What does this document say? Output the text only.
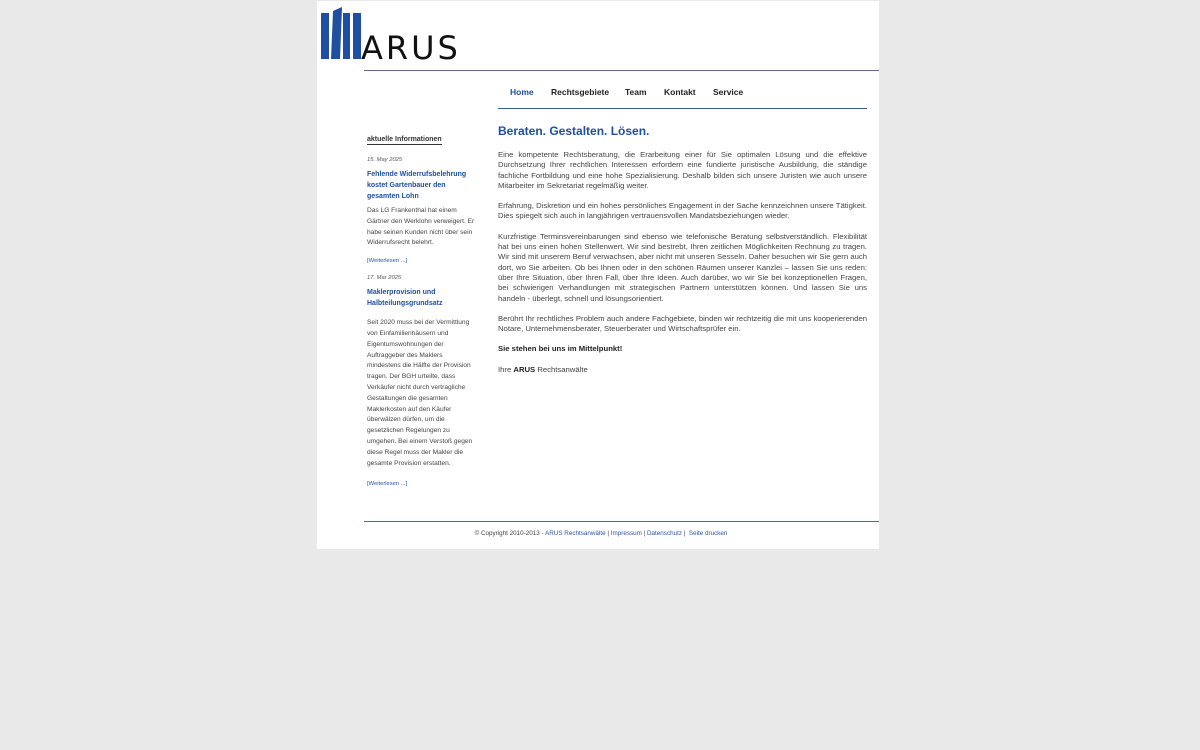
ARUS
Home Rechtsgebiete Team Kontakt Service
aktuelle Informationen
15. May 2025
Fehlende Widerrufsbelehrung kostet Gartenbauer den gesamten Lohn
Das LG Frankenthal hat einem Gärtner den Werklohn verweigert. Er habe seinen Kunden nicht über sein Widerrufsrecht belehrt.
[Weiterlesen ...]
17. Mar 2025
Maklerprovision und Halbteilungsgrundsatz
Seit 2020 muss bei der Vermittlung von Einfamilienhäusern und Eigentumswohnungen der Auftraggeber des Maklers mindestens die Hälfte der Provision tragen. Der BGH urteilte, dass Verkäufer nicht durch vertragliche Gestaltungen die gesamten Maklerkosten auf den Käufer überwälzen dürfen, um die gesetzlichen Regelungen zu umgehen. Bei einem Verstoß gegen diese Regel muss der Makler die gesamte Provision erstatten.
[Weiterlesen ...]
Beraten. Gestalten. Lösen.

Eine kompetente Rechtsberatung, die Erarbeitung einer für Sie optimalen Lösung und die effektive Durchsetzung Ihrer rechtlichen Interessen erfordern eine fundierte juristische Ausbildung, die ständige fachliche Fortbildung und eine hohe Spezialisierung. Deshalb bilden sich unsere Juristen wie auch unsere Mitarbeiter im Sekretariat regelmäßig weiter.

Erfahrung, Diskretion und ein hohes persönliches Engagement in der Sache kennzeichnen unsere Tätigkeit. Dies spiegelt sich auch in langjährigen vertrauensvollen Mandatsbeziehungen wieder.

Kurzfristige Terminsvereinbarungen sind ebenso wie telefonische Beratung selbstverständlich. Flexibilität hat bei uns einen hohen Stellenwert. Wir sind bestrebt, Ihren zeitlichen Möglichkeiten Rechnung zu tragen. Wir sind mit unserem Beruf verwachsen, aber nicht mit unseren Sesseln. Daher besuchen wir Sie gern auch dort, wo Sie arbeiten. Ob bei Ihnen oder in den schönen Räumen unserer Kanzlei – lassen Sie uns reden: über Ihre Situation, über Ihren Fall, über Ihre Ideen. Auch darüber, wo wir Sie bei konzeptionellen Fragen, bei schwierigen Verhandlungen mit strategischen Partnern unterstützen können. Und lassen Sie uns handeln - überlegt, schnell und lösungsorientiert.

Berührt Ihr rechtliches Problem auch andere Fachgebiete, binden wir rechtzeitig die mit uns kooperierenden Notare, Unternehmensberater, Steuerberater und Wirtschaftsprüfer ein.

Sie stehen bei uns im Mittelpunkt!

Ihre ARUS Rechtsanwälte

© Copyright 2010-2013 - ARUS Rechtsanwälte | Impressum | Datenschutz |  Seite drucken
